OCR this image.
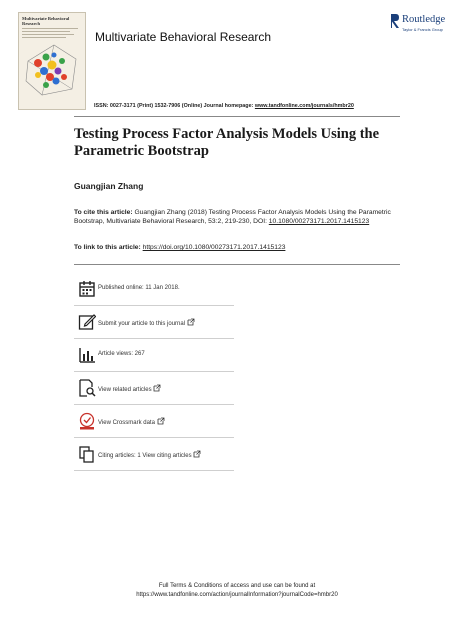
Multivariate Behavioral Research
Multivariate Behavioral Research
Routledge
Taylor & Francis Group
ISSN: 0027-3171 (Print) 1532-7906 (Online) Journal homepage: www.tandfonline.com/journals/hmbr20
Testing Process Factor Analysis Models Using the Parametric Bootstrap
Guangjian Zhang
To cite this article: Guangjian Zhang (2018) Testing Process Factor Analysis Models Using the Parametric Bootstrap, Multivariate Behavioral Research, 53:2, 219-230, DOI: 10.1080/00273171.2017.1415123
To link to this article: https://doi.org/10.1080/00273171.2017.1415123
Published online: 11 Jan 2018.
Submit your article to this journal
Article views: 267
View related articles
View Crossmark data
Citing articles: 1 View citing articles
Full Terms & Conditions of access and use can be found at
https://www.tandfonline.com/action/journalInformation?journalCode=hmbr20
